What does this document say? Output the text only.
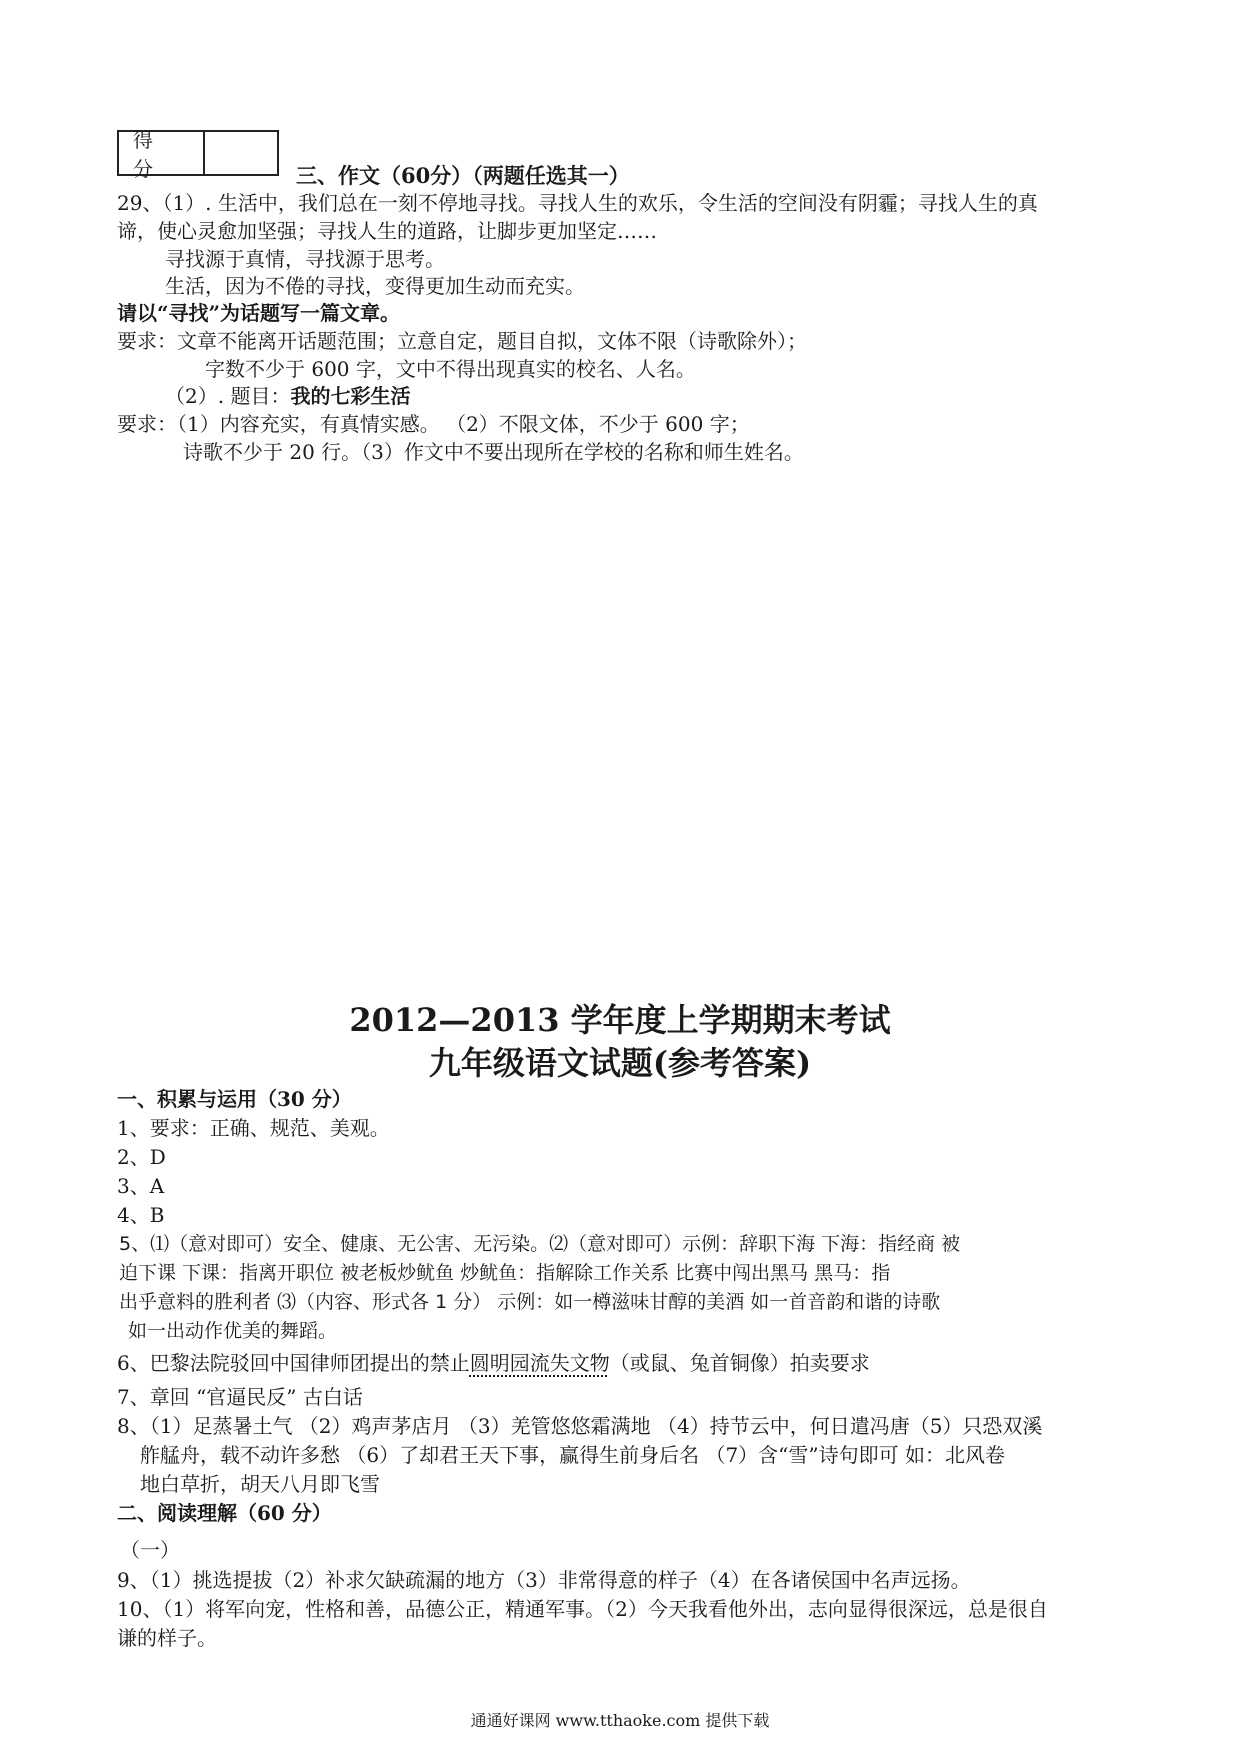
得 分	三、作文（60分）（两题任选其一）
29、（1）. 生活中，我们总在一刻不停地寻找。寻找人生的欢乐，令生活的空间没有阴霾；寻找人生的真
谛，使心灵愈加坚强；寻找人生的道路，让脚步更加坚定……
寻找源于真情，寻找源于思考。
生活，因为不倦的寻找，变得更加生动而充实。
请以“寻找”为话题写一篇文章。
要求：文章不能离开话题范围；立意自定，题目自拟，文体不限（诗歌除外）；
字数不少于 600 字，文中不得出现真实的校名、人名。
（2）. 题目：我的七彩生活
要求：（1）内容充实，有真情实感。 （2）不限文体，不少于 600 字；
诗歌不少于 20 行。（3）作文中不要出现所在学校的名称和师生姓名。
2012—2013 学年度上学期期末考试
九年级语文试题(参考答案)
一、积累与运用（30 分）
1、要求：正确、规范、美观。
2、D
3、A
4、B
5、⑴（意对即可）安全、健康、无公害、无污染。⑵（意对即可）示例：辞职下海 下海：指经商 被
迫下课 下课：指离开职位 被老板炒鱿鱼 炒鱿鱼：指解除工作关系 比赛中闯出黑马 黑马：指
出乎意料的胜利者 ⑶（内容、形式各 1 分） 示例：如一樽滋味甘醇的美酒 如一首音韵和谐的诗歌
如一出动作优美的舞蹈。
6、巴黎法院驳回中国律师团提出的禁止圆明园流失文物（或鼠、兔首铜像）拍卖要求
7、章回 “官逼民反” 古白话
8、（1）足蒸暑土气 （2）鸡声茅店月 （3）羌管悠悠霜满地 （4）持节云中，何日遣冯唐（5）只恐双溪
舴艋舟，载不动许多愁 （6）了却君王天下事，赢得生前身后名 （7）含“雪”诗句即可 如：北风卷
地白草折，胡天八月即飞雪
二、阅读理解（60 分）
（一）
9、（1）挑选提拔（2）补求欠缺疏漏的地方（3）非常得意的样子（4）在各诸侯国中名声远扬。
10、（1）将军向宠，性格和善，品德公正，精通军事。（2）今天我看他外出，志向显得很深远，总是很自
谦的样子。
通通好课网 www.tthaoke.com 提供下载
